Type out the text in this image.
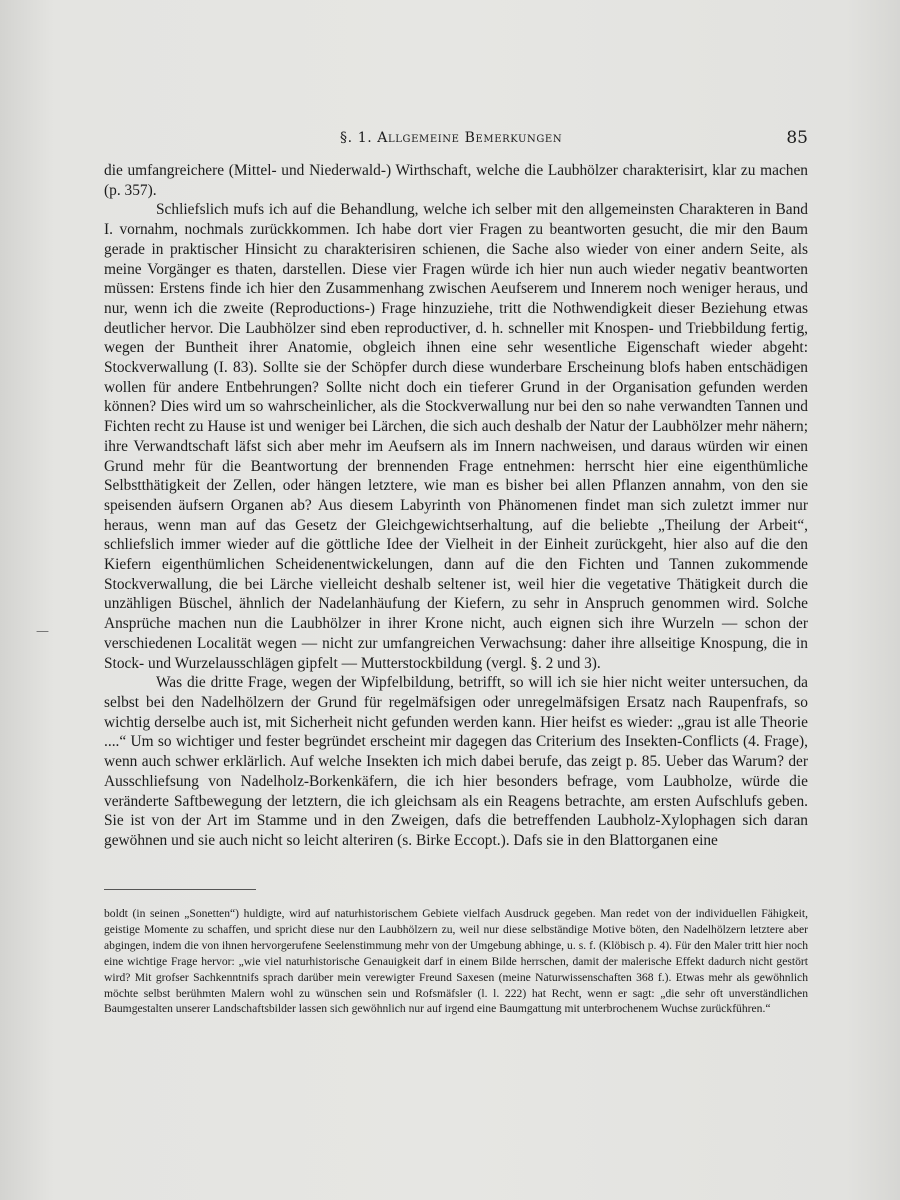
§. 1. Allgemeine Bemerkungen	85

die umfangreichere (Mittel- und Niederwald-) Wirthschaft, welche die Laubhölzer charakterisirt, klar zu machen (p. 357).

Schliefslich mufs ich auf die Behandlung, welche ich selber mit den allgemeinsten Charakteren in Band I. vornahm, nochmals zurückkommen. Ich habe dort vier Fragen zu beantworten gesucht, die mir den Baum gerade in praktischer Hinsicht zu charakterisiren schienen, die Sache also wieder von einer andern Seite, als meine Vorgänger es thaten, darstellen. Diese vier Fragen würde ich hier nun auch wieder negativ beantworten müssen: Erstens finde ich hier den Zusammenhang zwischen Aeufserem und Innerem noch weniger heraus, und nur, wenn ich die zweite (Reproductions-) Frage hinzuziehe, tritt die Nothwendigkeit dieser Beziehung etwas deutlicher hervor. Die Laubhölzer sind eben reproductiver, d. h. schneller mit Knospen- und Triebbildung fertig, wegen der Buntheit ihrer Anatomie, obgleich ihnen eine sehr wesentliche Eigenschaft wieder abgeht: Stockverwallung (I. 83). Sollte sie der Schöpfer durch diese wunderbare Erscheinung blofs haben entschädigen wollen für andere Entbehrungen? Sollte nicht doch ein tieferer Grund in der Organisation gefunden werden können? Dies wird um so wahrscheinlicher, als die Stockverwallung nur bei den so nahe verwandten Tannen und Fichten recht zu Hause ist und weniger bei Lärchen, die sich auch deshalb der Natur der Laubhölzer mehr nähern; ihre Verwandtschaft läfst sich aber mehr im Aeufsern als im Innern nachweisen, und daraus würden wir einen Grund mehr für die Beantwortung der brennenden Frage entnehmen: herrscht hier eine eigenthümliche Selbstthätigkeit der Zellen, oder hängen letztere, wie man es bisher bei allen Pflanzen annahm, von den sie speisenden äufsern Organen ab? Aus diesem Labyrinth von Phänomenen findet man sich zuletzt immer nur heraus, wenn man auf das Gesetz der Gleichgewichtserhaltung, auf die beliebte „Theilung der Arbeit“, schliefslich immer wieder auf die göttliche Idee der Vielheit in der Einheit zurückgeht, hier also auf die den Kiefern eigenthümlichen Scheidenentwickelungen, dann auf die den Fichten und Tannen zukommende Stockverwallung, die bei Lärche vielleicht deshalb seltener ist, weil hier die vegetative Thätigkeit durch die unzähligen Büschel, ähnlich der Nadelanhäufung der Kiefern, zu sehr in Anspruch genommen wird. Solche Ansprüche machen nun die Laubhölzer in ihrer Krone nicht, auch eignen sich ihre Wurzeln — schon der verschiedenen Localität wegen — nicht zur umfangreichen Verwachsung: daher ihre allseitige Knospung, die in Stock- und Wurzelausschlägen gipfelt — Mutterstockbildung (vergl. §. 2 und 3).

Was die dritte Frage, wegen der Wipfelbildung, betrifft, so will ich sie hier nicht weiter untersuchen, da selbst bei den Nadelhölzern der Grund für regelmäfsigen oder unregelmäfsigen Ersatz nach Raupenfrafs, so wichtig derselbe auch ist, mit Sicherheit nicht gefunden werden kann. Hier heifst es wieder: „grau ist alle Theorie ....“ Um so wichtiger und fester begründet erscheint mir dagegen das Criterium des Insekten-Conflicts (4. Frage), wenn auch schwer erklärlich. Auf welche Insekten ich mich dabei berufe, das zeigt p. 85. Ueber das Warum? der Ausschliefsung von Nadelholz-Borkenkäfern, die ich hier besonders befrage, vom Laubholze, würde die veränderte Saftbewegung der letztern, die ich gleichsam als ein Reagens betrachte, am ersten Aufschlufs geben. Sie ist von der Art im Stamme und in den Zweigen, dafs die betreffenden Laubholz-Xylophagen sich daran gewöhnen und sie auch nicht so leicht alteriren (s. Birke Eccopt.). Dafs sie in den Blattorganen eine

—
boldt (in seinen „Sonetten“) huldigte, wird auf naturhistorischem Gebiete vielfach Ausdruck gegeben. Man redet von der individuellen Fähigkeit, geistige Momente zu schaffen, und spricht diese nur den Laubhölzern zu, weil nur diese selbständige Motive böten, den Nadelhölzern letztere aber abgingen, indem die von ihnen hervorgerufene Seelenstimmung mehr von der Umgebung abhinge, u. s. f. (Klöbisch p. 4). Für den Maler tritt hier noch eine wichtige Frage hervor: „wie viel naturhistorische Genauigkeit darf in einem Bilde herrschen, damit der malerische Effekt dadurch nicht gestört wird? Mit grofser Sachkenntnifs sprach darüber mein verewigter Freund Saxesen (meine Naturwissenschaften 368 f.). Etwas mehr als gewöhnlich möchte selbst berühmten Malern wohl zu wünschen sein und Rofsmäfsler (l. l. 222) hat Recht, wenn er sagt: „die sehr oft unverständlichen Baumgestalten unserer Landschaftsbilder lassen sich gewöhnlich nur auf irgend eine Baumgattung mit unterbrochenem Wuchse zurückführen.“
